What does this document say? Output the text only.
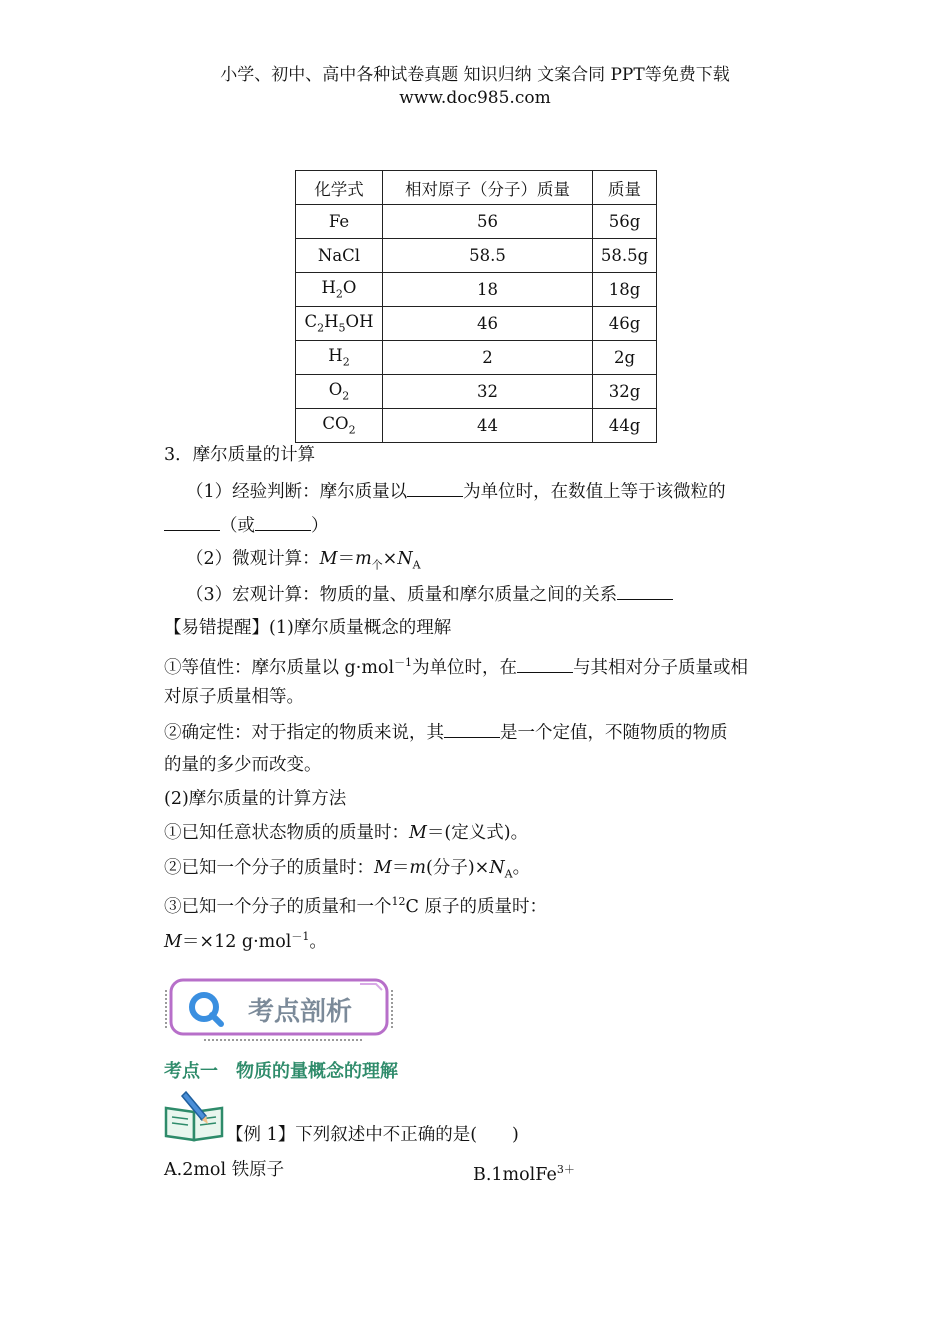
小学、初中、高中各种试卷真题 知识归纳 文案合同 PPT等免费下载
www.doc985.com
化学式	相对原子（分子）质量	质量
Fe	56	56g
NaCl	58.5	58.5g
$H_2O$	18	18g
$C_2H_5OH$	46	46g
$H_2$	2	2g
$O_2$	32	32g
$CO_2$	44	44g
3．摩尔质量的计算
（1）经验判断：摩尔质量以	为单位时，在数值上等于该微粒的
（或	）
（2）微观计算：$M=m_个\times N_A$
（3）宏观计算：物质的量、质量和摩尔质量之间的关系
【易错提醒】(1)摩尔质量概念的理解
①等值性：摩尔质量以 g·mol$^{-1}$为单位时，在	与其相对分子质量或相
对原子质量相等。
②确定性：对于指定的物质来说，其	是一个定值，不随物质的物质
的量的多少而改变。
(2)摩尔质量的计算方法
①已知任意状态物质的质量时：M＝(定义式)。
②已知一个分子的质量时：M＝m(分子)$\times N_A$。
③已知一个分子的质量和一个$^{12}$C 原子的质量时：
M＝×12 g·mol$^{-1}$。
考点剖析
考点一　物质的量概念的理解
【例 1】下列叙述中不正确的是(　　)
A.2mol 铁原子	B.1molFe$^{3+}$
